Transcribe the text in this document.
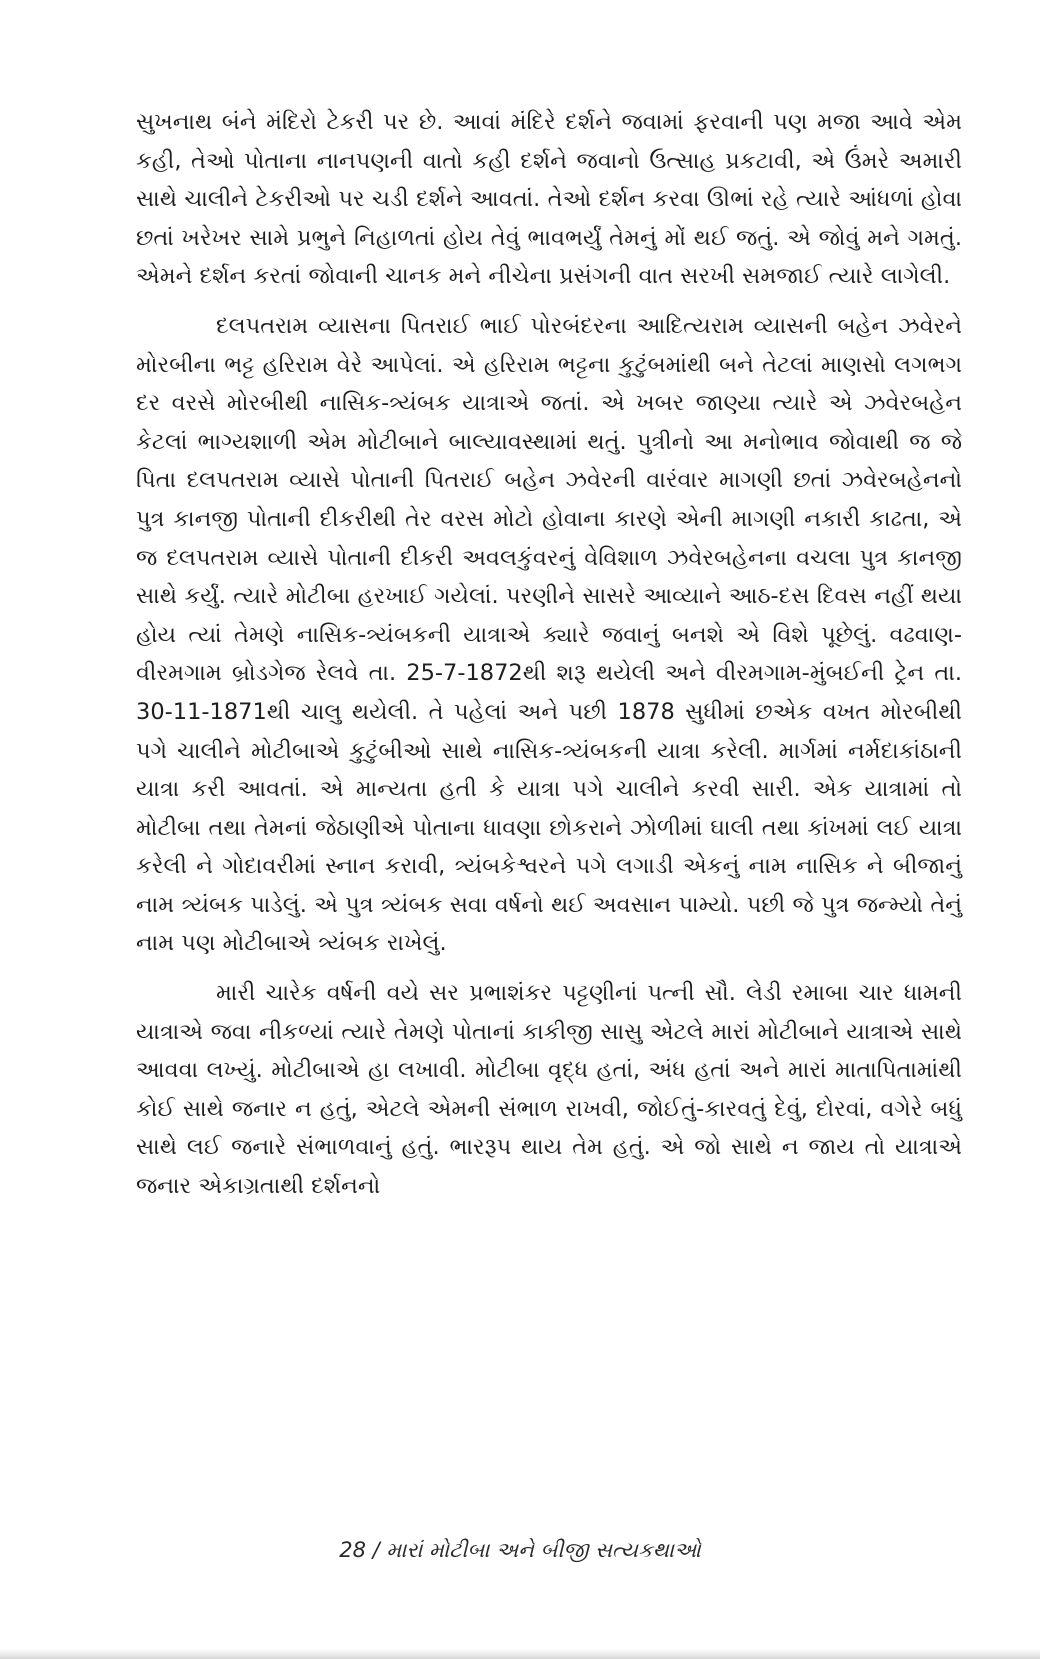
સુખનાથ બંને મંદિરો ટેકરી પર છે. આવાં મંદિરે દર્શને જવામાં ફરવાની પણ મજા આવે એમ કહી, તેઓ પોતાના નાનપણની વાતો કહી દર્શને જવાનો ઉત્સાહ પ્રકટાવી, એ ઉંમરે અમારી સાથે ચાલીને ટેકરીઓ પર ચડી દર્શને આવતાં. તેઓ દર્શન કરવા ઊભાં રહે ત્યારે આંધળાં હોવા છતાં ખરેખર સામે પ્રભુને નિહાળતાં હોય તેવું ભાવભર્યું તેમનું મોં થઈ જતું. એ જોવું મને ગમતું. એમને દર્શન કરતાં જોવાની ચાનક મને નીચેના પ્રસંગની વાત સરખી સમજાઈ ત્યારે લાગેલી.

દલપતરામ વ્યાસના પિતરાઈ ભાઈ પોરબંદરના આદિત્યરામ વ્યાસની બહેન ઝવેરને મોરબીના ભટ્ટ હરિરામ વેરે આપેલાં. એ હરિરામ ભટ્ટના કુટુંબમાંથી બને તેટલાં માણસો લગભગ દર વરસે મોરબીથી નાસિક-ત્ર્યંબક યાત્રાએ જતાં. એ ખબર જાણ્યા ત્યારે એ ઝવેરબહેન કેટલાં ભાગ્યશાળી એમ મોટીબાને બાલ્યાવસ્થામાં થતું. પુત્રીનો આ મનોભાવ જોવાથી જ જે પિતા દલપતરામ વ્યાસે પોતાની પિતરાઈ બહેન ઝવેરની વારંવાર માગણી છતાં ઝવેરબહેનનો પુત્ર કાનજી પોતાની દીકરીથી તેર વરસ મોટો હોવાના કારણે એની માગણી નકારી કાઢતા, એ જ દલપતરામ વ્યાસે પોતાની દીકરી અવલકુંવરનું વેવિશાળ ઝવેરબહેનના વચલા પુત્ર કાનજી સાથે કર્યું. ત્યારે મોટીબા હરખાઈ ગયેલાં. પરણીને સાસરે આવ્યાને આઠ-દસ દિવસ નહીં થયા હોય ત્યાં તેમણે નાસિક-ત્ર્યંબકની યાત્રાએ ક્યારે જવાનું બનશે એ વિશે પૂછેલું. વઢવાણ-વીરમગામ બ્રોડગેજ રેલવે તા. 25-7-1872થી શરૂ થયેલી અને વીરમગામ-મુંબઈની ટ્રેન તા. 30-11-1871થી ચાલુ થયેલી. તે પહેલાં અને પછી 1878 સુધીમાં છએક વખત મોરબીથી પગે ચાલીને મોટીબાએ કુટુંબીઓ સાથે નાસિક-ત્ર્યંબકની યાત્રા કરેલી. માર્ગમાં નર્મદાકાંઠાની યાત્રા કરી આવતાં. એ માન્યતા હતી કે યાત્રા પગે ચાલીને કરવી સારી. એક યાત્રામાં તો મોટીબા તથા તેમનાં જેઠાણીએ પોતાના ધાવણા છોકરાને ઝોળીમાં ઘાલી તથા કાંખમાં લઈ યાત્રા કરેલી ને ગોદાવરીમાં સ્નાન કરાવી, ત્ર્યંબકેશ્વરને પગે લગાડી એકનું નામ નાસિક ને બીજાનું નામ ત્ર્યંબક પાડેલું. એ પુત્ર ત્ર્યંબક સવા વર્ષનો થઈ અવસાન પામ્યો. પછી જે પુત્ર જન્મ્યો તેનું નામ પણ મોટીબાએ ત્ર્યંબક રાખેલું.

મારી ચારેક વર્ષની વયે સર પ્રભાશંકર પટ્ટણીનાં પત્ની સૌ. લેડી રમાબા ચાર ધામની યાત્રાએ જવા નીકળ્યાં ત્યારે તેમણે પોતાનાં કાકીજી સાસુ એટલે મારાં મોટીબાને યાત્રાએ સાથે આવવા લખ્યું. મોટીબાએ હા લખાવી. મોટીબા વૃદ્ધ હતાં, અંધ હતાં અને મારાં માતાપિતામાંથી કોઈ સાથે જનાર ન હતું, એટલે એમની સંભાળ રાખવી, જોઈતું-કારવતું દેવું, દોરવાં, વગેરે બધું સાથે લઈ જનારે સંભાળવાનું હતું. ભારરૂપ થાય તેમ હતું. એ જો સાથે ન જાય તો યાત્રાએ જનાર એકાગ્રતાથી દર્શનનો

28 / મારાં મોટીબા અને બીજી સત્યકથાઓ
